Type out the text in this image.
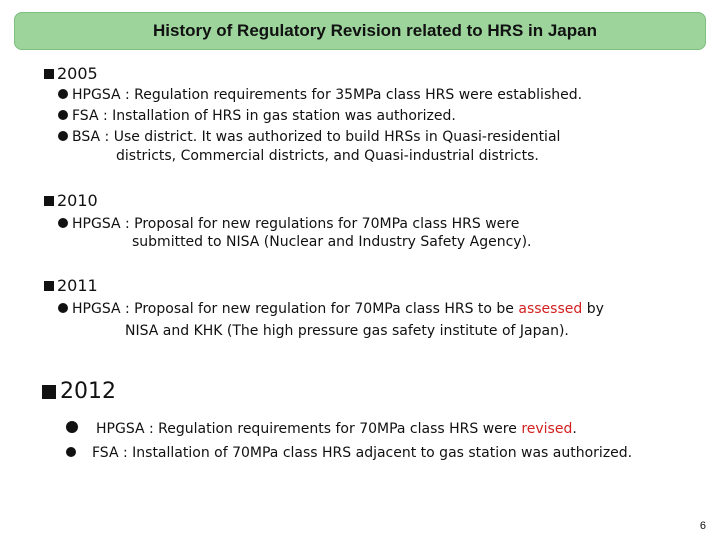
History of Regulatory Revision related to HRS in Japan
2005
HPGSA : Regulation requirements for 35MPa class HRS were established.
FSA : Installation of HRS in gas station was authorized.
BSA : Use district. It was authorized to build HRSs in Quasi-residential
districts, Commercial districts, and Quasi-industrial districts.
2010
HPGSA : Proposal for new regulations for 70MPa class HRS were
submitted to NISA (Nuclear and Industry Safety Agency).
2011
HPGSA : Proposal for new regulation for 70MPa class HRS to be assessed by
NISA and KHK (The high pressure gas safety institute of Japan).
2012
HPGSA : Regulation requirements for 70MPa class HRS were revised.
FSA : Installation of 70MPa class HRS adjacent to gas station was authorized.
6
